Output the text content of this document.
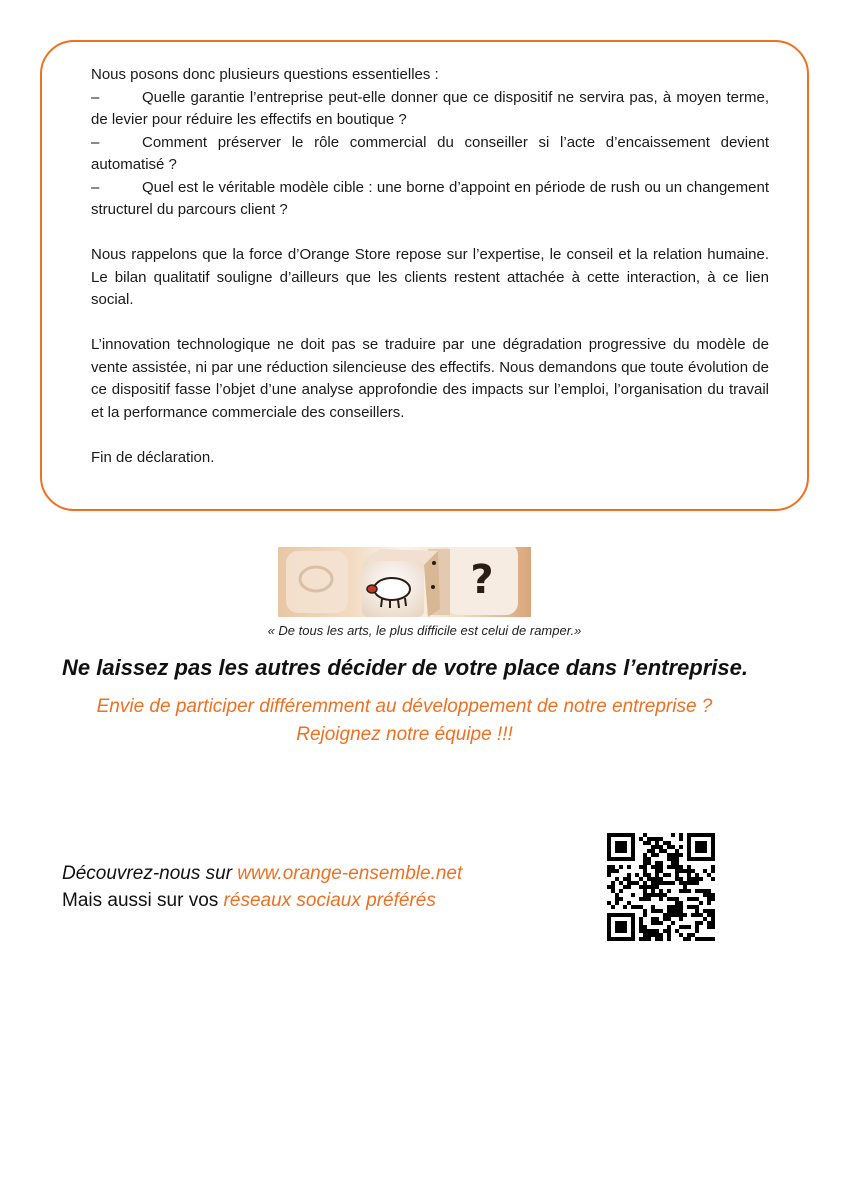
Nous posons donc plusieurs questions essentielles :

–	Quelle garantie l’entreprise peut-elle donner que ce dispositif ne servira pas, à moyen terme, de levier pour réduire les effectifs en boutique ?

–	Comment préserver le rôle commercial du conseiller si l’acte d’encaissement devient automatisé ?

–	Quel est le véritable modèle cible : une borne d’appoint en période de rush ou un changement structurel du parcours client ?

Nous rappelons que la force d’Orange Store repose sur l’expertise, le conseil et la relation humaine. Le bilan qualitatif souligne d’ailleurs que les clients restent attachée à cette interaction, à ce lien social.

L’innovation technologique ne doit pas se traduire par une dégradation progressive du modèle de vente assistée, ni par une réduction silencieuse des effectifs. Nous demandons que toute évolution de ce dispositif fasse l’objet d’une analyse approfondie des impacts sur l’emploi, l’organisation du travail et la performance commerciale des conseillers.

Fin de déclaration.

?
« De tous les arts, le plus difficile est celui de ramper.»
Ne laissez pas les autres décider de votre place dans l’entreprise.
Envie de participer différemment au développement de notre entreprise ?
Rejoignez notre équipe !!!
Découvrez-nous sur www.orange-ensemble.net
Mais aussi sur vos réseaux sociaux préférés
